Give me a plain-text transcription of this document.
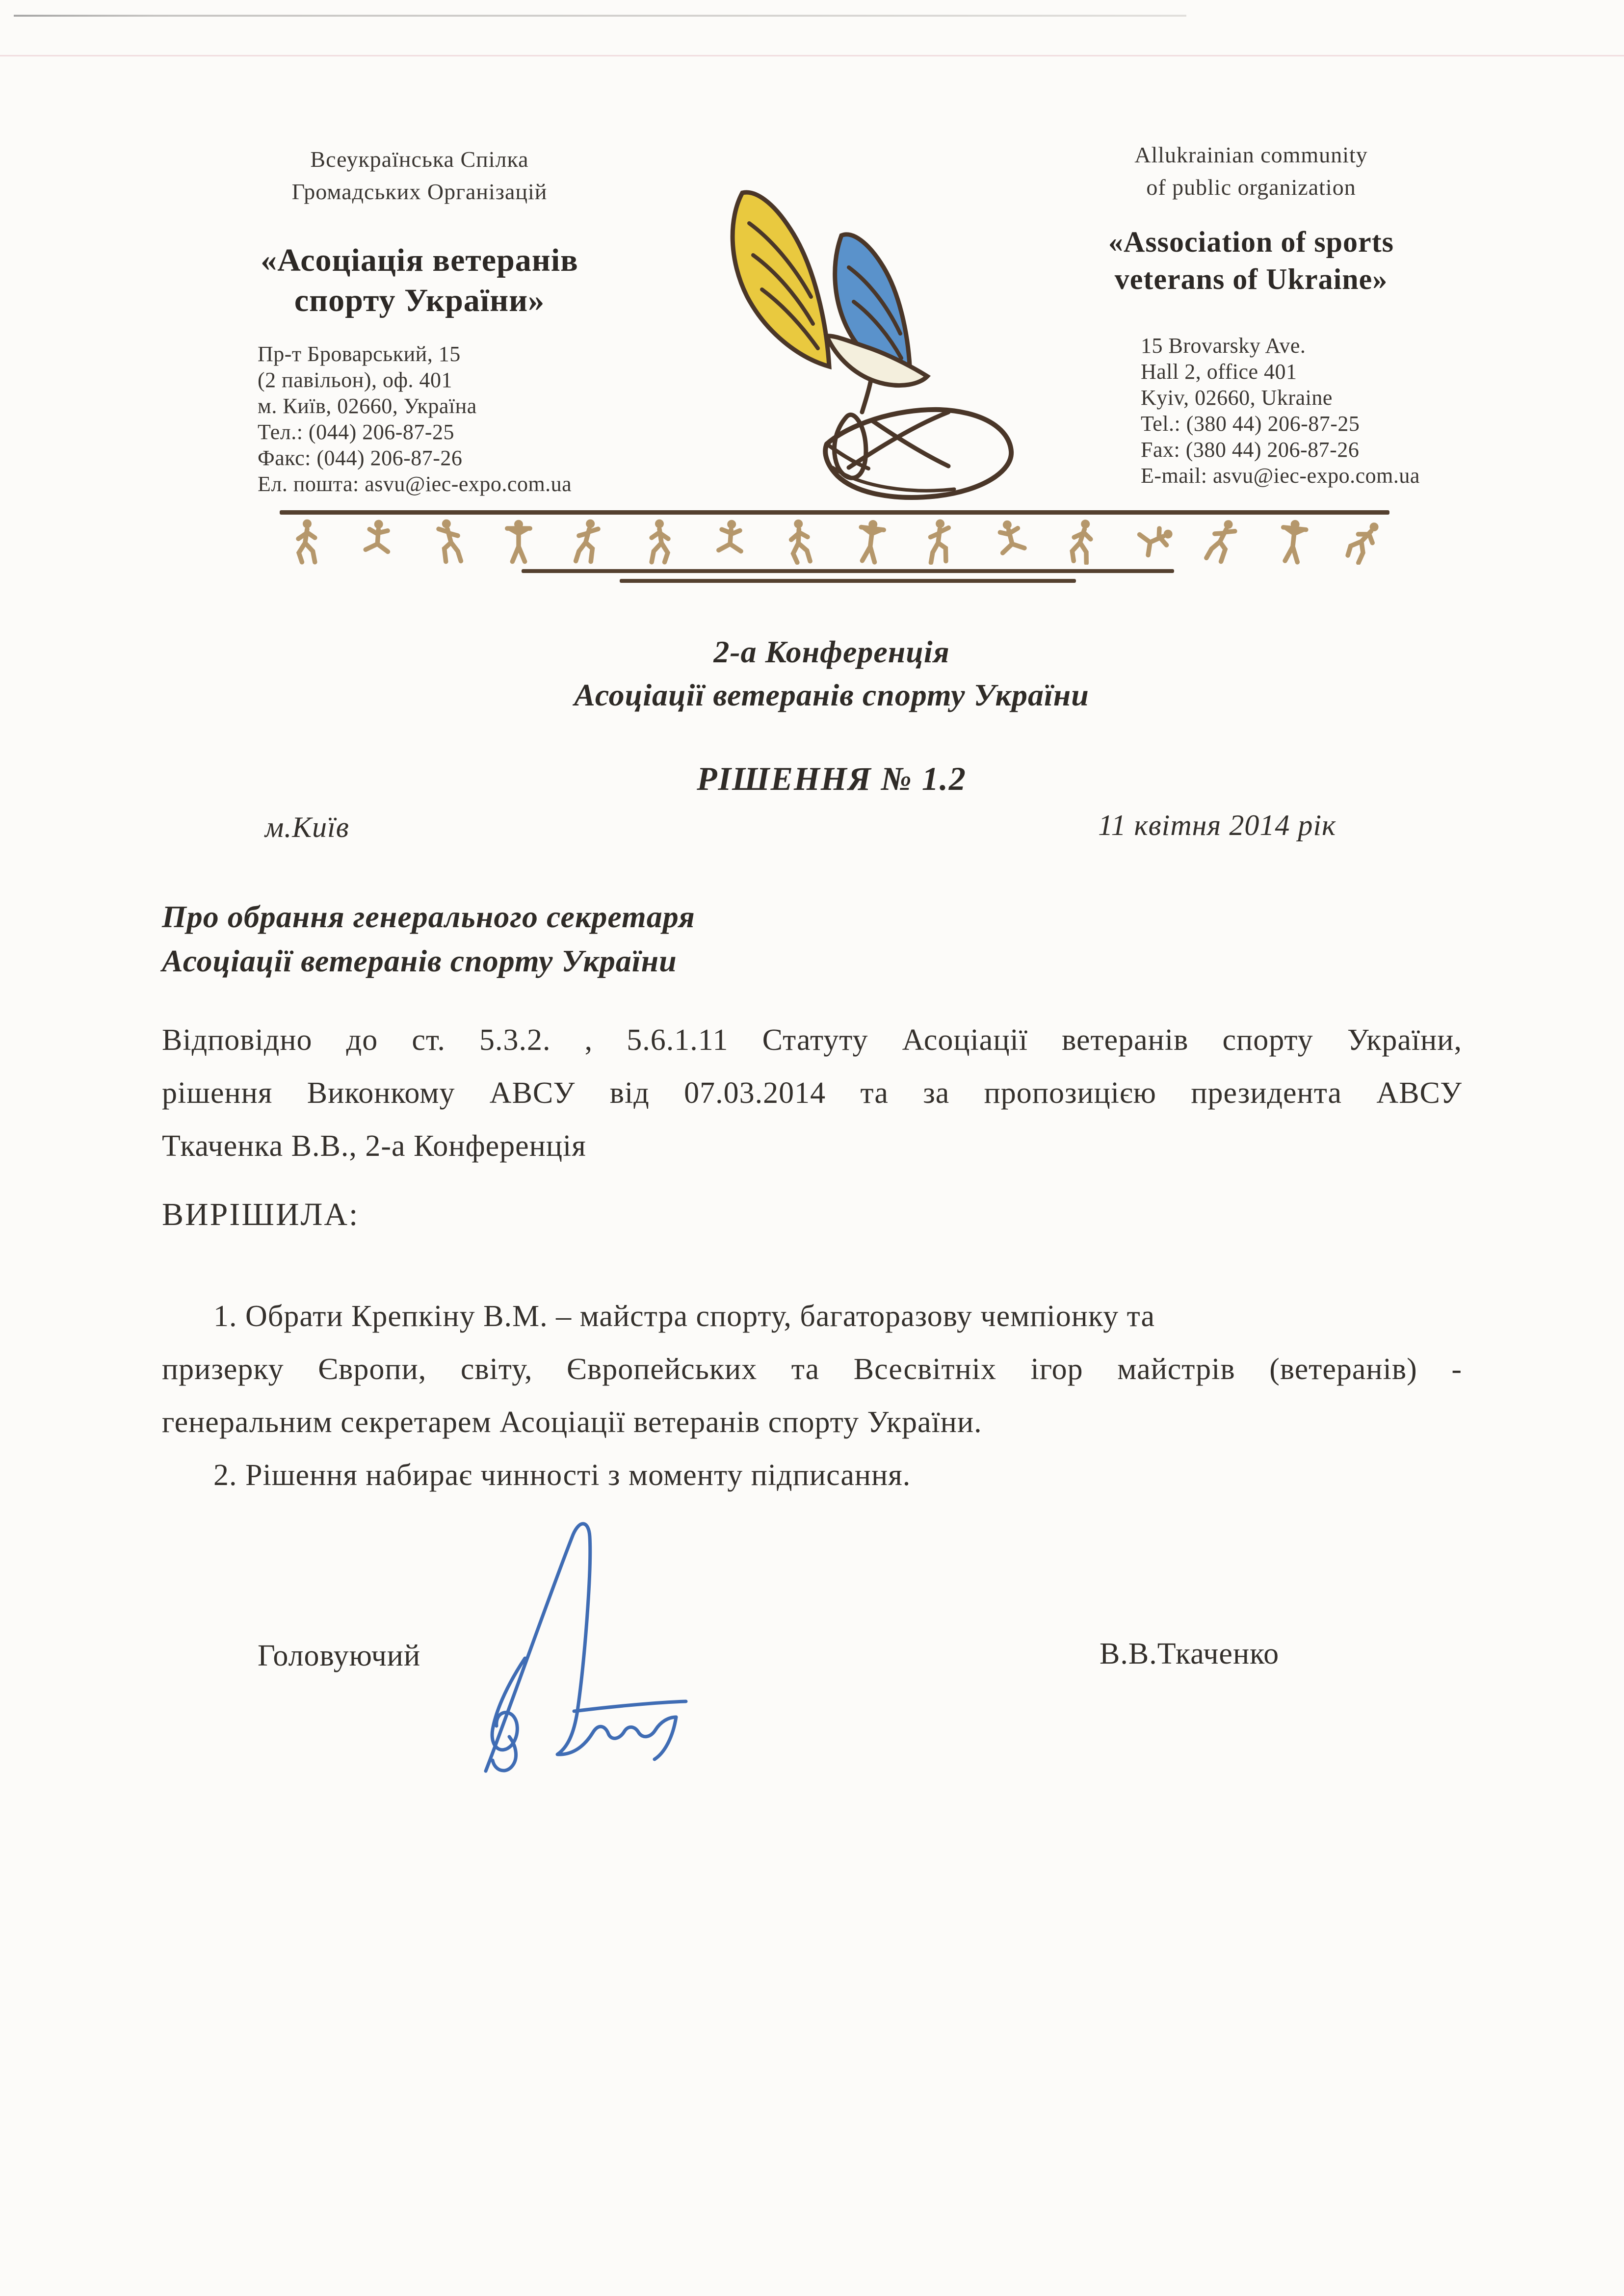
Всеукраїнська Спілка
Громадських Організацій
«Асоціація ветеранів
спорту України»
Пр-т Броварський, 15
(2 павільон), оф. 401
м. Київ, 02660, Україна
Тел.: (044) 206-87-25
Факс: (044) 206-87-26
Ел. пошта: asvu@iec-expo.com.ua
Allukrainian community
of public organization
«Association of sports
veterans of Ukraine»
15 Brovarsky Ave.
Hall 2, office 401
Kyiv, 02660, Ukraine
Tel.: (380 44) 206-87-25
Fax: (380 44) 206-87-26
E-mail: asvu@iec-expo.com.ua
2-а Конференція
Асоціації ветеранів спорту України
РІШЕННЯ № 1.2
м.Київ	11 квітня 2014 рік
Про обрання генерального секретаря
Асоціації ветеранів спорту України
Відповідно до ст. 5.3.2. , 5.6.1.11 Статуту Асоціації ветеранів спорту України,
рішення Виконкому АВСУ від 07.03.2014 та за пропозицією президента АВСУ
Ткаченка В.В., 2-а Конференція
ВИРІШИЛА:
1. Обрати Крепкіну В.М. – майстра спорту, багаторазову чемпіонку та
призерку Європи, світу, Європейських та Всесвітніх ігор майстрів (ветеранів) -
генеральним секретарем Асоціації ветеранів спорту України.
2. Рішення набирає чинності з моменту підписання.
Головуючий	В.В.Ткаченко
